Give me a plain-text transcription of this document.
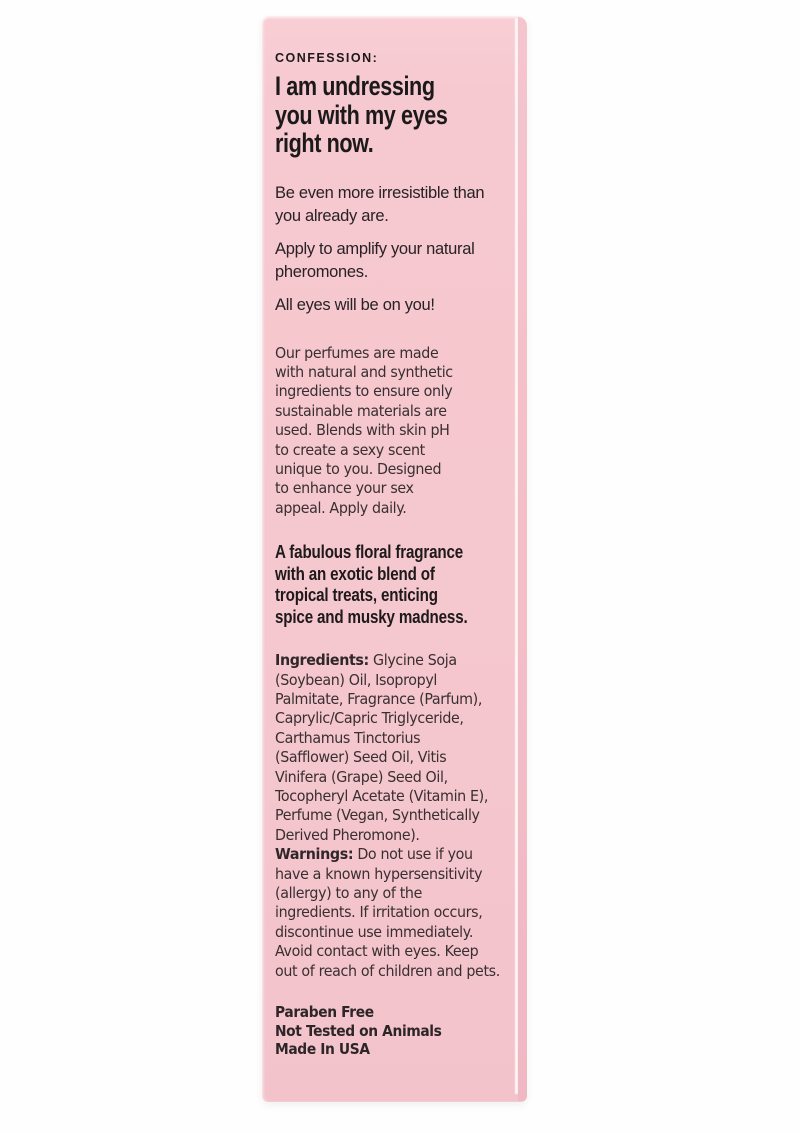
CONFESSION:
I am undressing
you with my eyes
right now.
Be even more irresistible than
you already are.
Apply to amplify your natural
pheromones.
All eyes will be on you!
Our perfumes are made
with natural and synthetic
ingredients to ensure only
sustainable materials are
used. Blends with skin pH
to create a sexy scent
unique to you. Designed
to enhance your sex
appeal. Apply daily.
A fabulous floral fragrance
with an exotic blend of
tropical treats, enticing
spice and musky madness.
Ingredients: Glycine Soja
(Soybean) Oil, Isopropyl
Palmitate, Fragrance (Parfum),
Caprylic/Capric Triglyceride,
Carthamus Tinctorius
(Safflower) Seed Oil, Vitis
Vinifera (Grape) Seed Oil,
Tocopheryl Acetate (Vitamin E),
Perfume (Vegan, Synthetically
Derived Pheromone).
Warnings: Do not use if you
have a known hypersensitivity
(allergy) to any of the
ingredients. If irritation occurs,
discontinue use immediately.
Avoid contact with eyes. Keep
out of reach of children and pets.
Paraben Free
Not Tested on Animals
Made In USA
